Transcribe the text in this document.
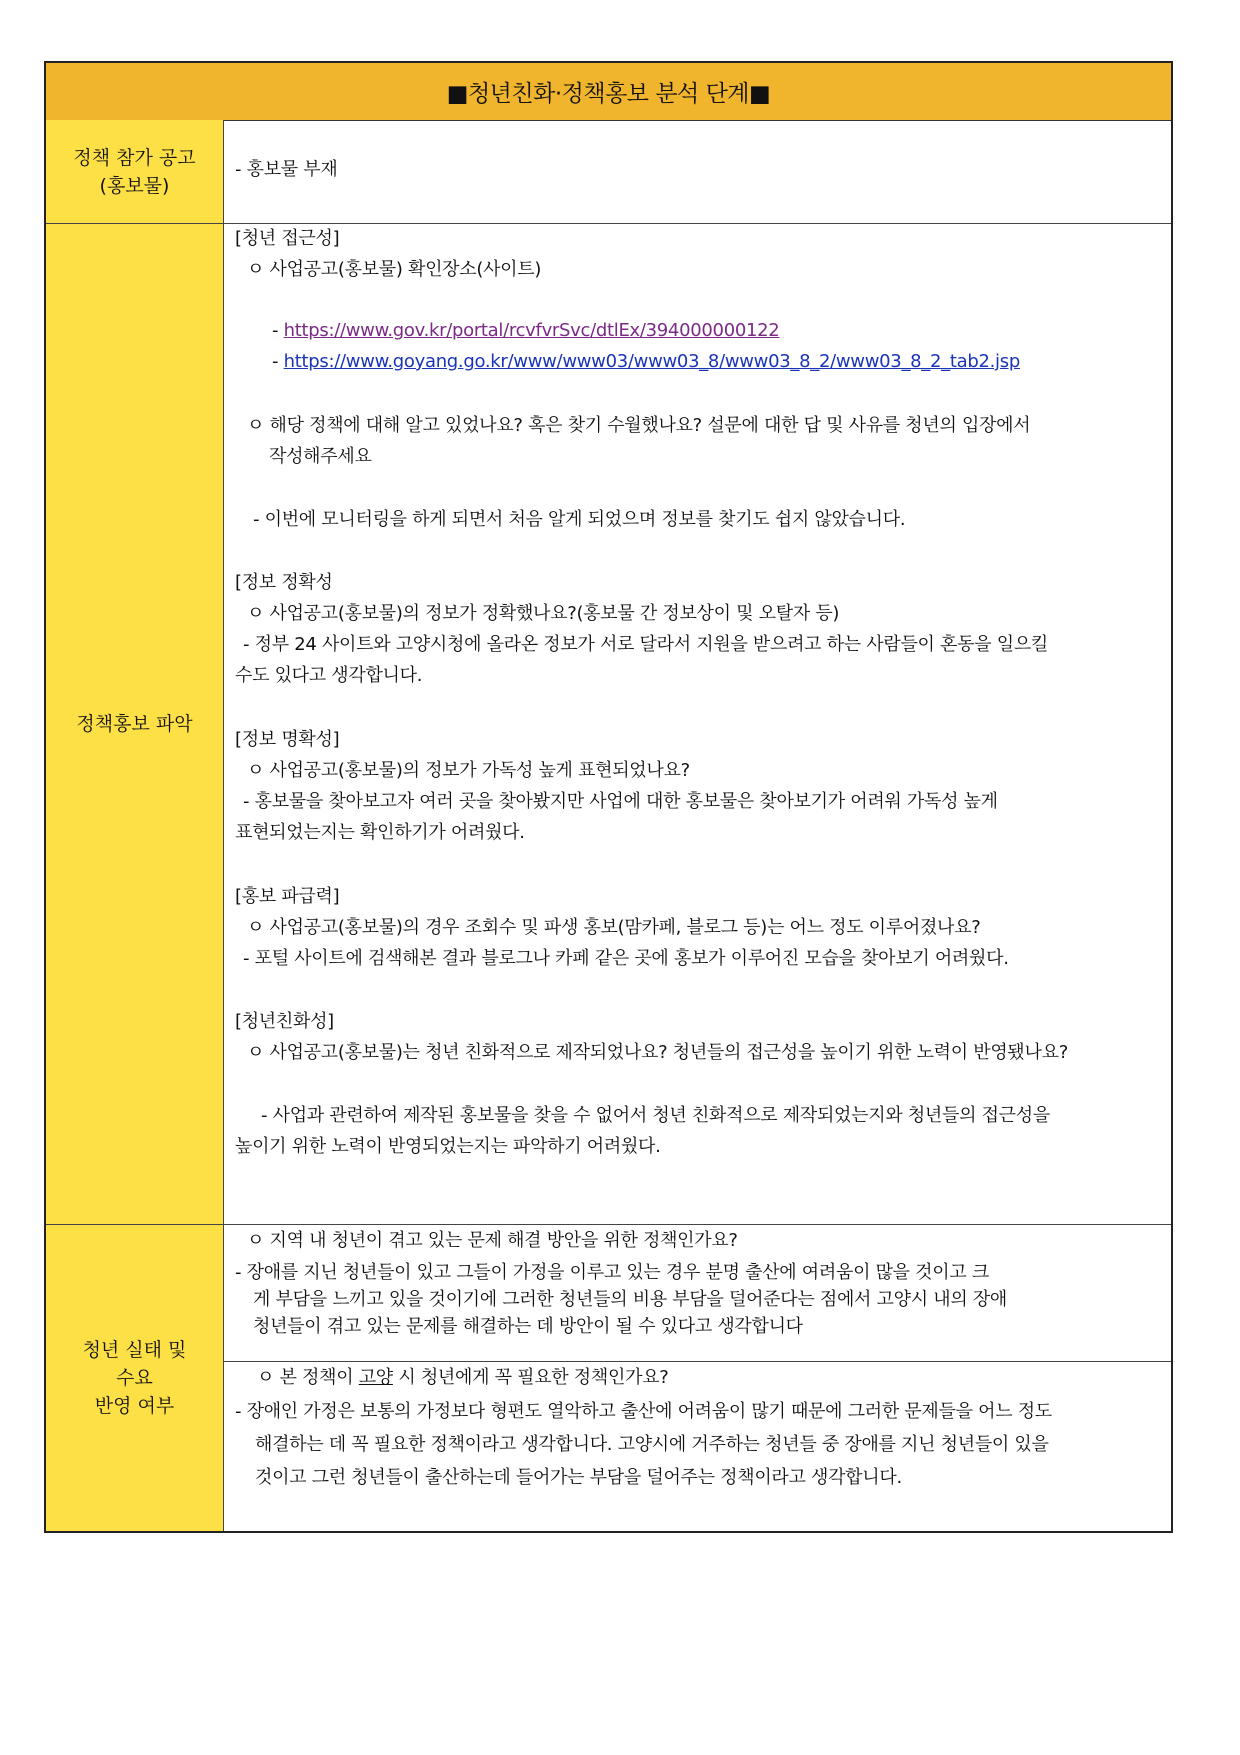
■청년친화·정책홍보 분석 단계■
정책 참가 공고
(홍보물)
- 홍보물 부재
정책홍보 파악
[청년 접근성]
ㅇ 사업공고(홍보물) 확인장소(사이트)
- https://www.gov.kr/portal/rcvfvrSvc/dtlEx/394000000122
- https://www.goyang.go.kr/www/www03/www03_8/www03_8_2/www03_8_2_tab2.jsp
ㅇ 해당 정책에 대해 알고 있었나요? 혹은 찾기 수월했나요? 설문에 대한 답 및 사유를 청년의 입장에서
작성해주세요
- 이번에 모니터링을 하게 되면서 처음 알게 되었으며 정보를 찾기도 쉽지 않았습니다.
[정보 정확성
ㅇ 사업공고(홍보물)의 정보가 정확했나요?(홍보물 간 정보상이 및 오탈자 등)
- 정부 24 사이트와 고양시청에 올라온 정보가 서로 달라서 지원을 받으려고 하는 사람들이 혼동을 일으킬
수도 있다고 생각합니다.
[정보 명확성]
ㅇ 사업공고(홍보물)의 정보가 가독성 높게 표현되었나요?
- 홍보물을 찾아보고자 여러 곳을 찾아봤지만 사업에 대한 홍보물은 찾아보기가 어려워 가독성 높게
표현되었는지는 확인하기가 어려웠다.
[홍보 파급력]
ㅇ 사업공고(홍보물)의 경우 조회수 및 파생 홍보(맘카페, 블로그 등)는 어느 정도 이루어졌나요?
- 포털 사이트에 검색해본 결과 블로그나 카페 같은 곳에 홍보가 이루어진 모습을 찾아보기 어려웠다.
[청년친화성]
ㅇ 사업공고(홍보물)는 청년 친화적으로 제작되었나요? 청년들의 접근성을 높이기 위한 노력이 반영됐나요?
- 사업과 관련하여 제작된 홍보물을 찾을 수 없어서 청년 친화적으로 제작되었는지와 청년들의 접근성을
높이기 위한 노력이 반영되었는지는 파악하기 어려웠다.
청년 실태 및
수요
반영 여부
ㅇ 지역 내 청년이 겪고 있는 문제 해결 방안을 위한 정책인가요?
- 장애를 지닌 청년들이 있고 그들이 가정을 이루고 있는 경우 분명 출산에 여려움이 많을 것이고 크
게 부담을 느끼고 있을 것이기에 그러한 청년들의 비용 부담을 덜어준다는 점에서 고양시 내의 장애
청년들이 겪고 있는 문제를 해결하는 데 방안이 될 수 있다고 생각합니다
ㅇ 본 정책이 고양 시 청년에게 꼭 필요한 정책인가요?
- 장애인 가정은 보통의 가정보다 형편도 열악하고 출산에 어려움이 많기 때문에 그러한 문제들을 어느 정도
해결하는 데 꼭 필요한 정책이라고 생각합니다. 고양시에 거주하는 청년들 중 장애를 지닌 청년들이 있을
것이고 그런 청년들이 출산하는데 들어가는 부담을 덜어주는 정책이라고 생각합니다.
